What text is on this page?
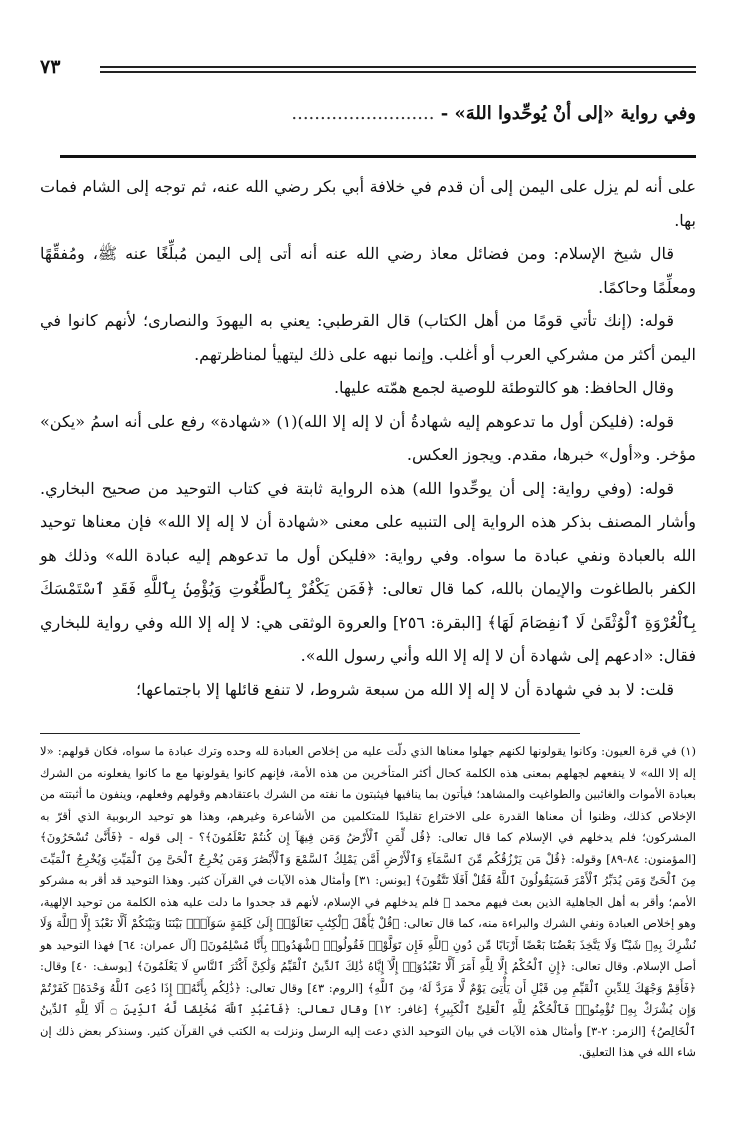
٧٣
وفي رواية «إلى أنْ يُوحِّدوا اللهَ» - .........................

على أنه لم يزل على اليمن إلى أن قدم في خلافة أبي بكر رضي الله عنه، ثم توجه إلى الشام فمات بها.

قال شيخ الإسلام: ومن فضائل معاذ رضي الله عنه أنه أتى إلى اليمن مُبلِّغًا عنه ﷺ، ومُفقِّهًا ومعلِّمًا وحاكمًا.

قوله: (إنك تأتي قومًا من أهل الكتاب) قال القرطبي: يعني به اليهودَ والنصارى؛ لأنهم كانوا في اليمن أكثر من مشركي العرب أو أغلب. وإنما نبهه على ذلك ليتهيأ لمناظرتهم.

وقال الحافظ: هو كالتوطئة للوصية لجمع همّته عليها.

قوله: (فليكن أول ما تدعوهم إليه شهادةُ أن لا إله إلا الله)(١) «شهادة» رفع على أنه اسمُ «يكن» مؤخر. و«أول» خبرها، مقدم. ويجوز العكس.

قوله: (وفي رواية: إلى أن يوحِّدوا الله) هذه الرواية ثابتة في كتاب التوحيد من صحيح البخاري. وأشار المصنف بذكر هذه الرواية إلى التنبيه على معنى «شهادة أن لا إله إلا الله» فإن معناها توحيد الله بالعبادة ونفي عبادة ما سواه. وفي رواية: «فليكن أول ما تدعوهم إليه عبادة الله» وذلك هو الكفر بالطاغوت والإيمان بالله، كما قال تعالى: ﴿فَمَن يَكْفُرْ بِٱلطَّٰغُوتِ وَيُؤْمِنۢ بِٱللَّهِ فَقَدِ ٱسْتَمْسَكَ بِٱلْعُرْوَةِ ٱلْوُثْقَىٰ لَا ٱنفِصَامَ لَهَا﴾ [البقرة: ٢٥٦] والعروة الوثقى هي: لا إله إلا الله وفي رواية للبخاري فقال: «ادعهم إلى شهادة أن لا إله إلا الله وأني رسول الله».

قلت: لا بد في شهادة أن لا إله إلا الله من سبعة شروط، لا تنفع قائلها إلا باجتماعها؛

(١) في قرة العيون: وكانوا يقولونها لكنهم جهلوا معناها الذي دلّت عليه من إخلاص العبادة لله وحده وترك عبادة ما سواه، فكان قولهم: «لا إله إلا الله» لا ينفعهم لجهلهم بمعنى هذه الكلمة كحال أكثر المتأخرين من هذه الأمة، فإنهم كانوا يقولونها مع ما كانوا يفعلونه من الشرك بعبادة الأموات والغائبين والطواغيت والمشاهد؛ فيأتون بما ينافيها فيثبتون ما نفته من الشرك باعتقادهم وقولهم وفعلهم، وينفون ما أثبتته من الإخلاص كذلك، وظنوا أن معناها القدرة على الاختراع تقليدًا للمتكلمين من الأشاعرة وغيرهم، وهذا هو توحيد الربوبية الذي أقرّ به المشركون؛ فلم يدخلهم في الإسلام كما قال تعالى: ﴿قُل لِّمَنِ ٱلْأَرْضُ وَمَن فِيهَآ إِن كُنتُمْ تَعْلَمُونَ﴾؟ - إلى قوله - ﴿فَأَنَّىٰ تُسْحَرُونَ﴾ [المؤمنون: ٨٤-٨٩] وقوله: ﴿قُلْ مَن يَرْزُقُكُم مِّنَ ٱلسَّمَآءِ وَٱلْأَرْضِ أَمَّن يَمْلِكُ ٱلسَّمْعَ وَٱلْأَبْصَٰرَ وَمَن يُخْرِجُ ٱلْحَىَّ مِنَ ٱلْمَيِّتِ وَيُخْرِجُ ٱلْمَيِّتَ مِنَ ٱلْحَىِّ وَمَن يُدَبِّرُ ٱلْأَمْرَ فَسَيَقُولُونَ ٱللَّهُ فَقُلْ أَفَلَا تَتَّقُونَ﴾ [يونس: ٣١] وأمثال هذه الآيات في القرآن كثير. وهذا التوحيد قد أقر به مشركو الأمم؛ وأقر به أهل الجاهلية الذين بعث فيهم محمد ﷺ فلم يدخلهم في الإسلام، لأنهم قد جحدوا ما دلت عليه هذه الكلمة من توحيد الإلهية، وهو إخلاص العبادة ونفي الشرك والبراءة منه، كما قال تعالى: ﴿قُلْ يَٰٓأَهْلَ ٱلْكِتَٰبِ تَعَالَوْا۟ إِلَىٰ كَلِمَةٍ سَوَآءٍۭ بَيْنَنَا وَبَيْنَكُمْ أَلَّا نَعْبُدَ إِلَّا ٱللَّهَ وَلَا نُشْرِكَ بِهِۦ شَيْـًٔا وَلَا يَتَّخِذَ بَعْضُنَا بَعْضًا أَرْبَابًا مِّن دُونِ ٱللَّهِ فَإِن تَوَلَّوْا۟ فَقُولُوا۟ ٱشْهَدُوا۟ بِأَنَّا مُسْلِمُونَ﴾ [آل عمران: ٦٤] فهذا التوحيد هو أصل الإسلام. وقال تعالى: ﴿إِنِ ٱلْحُكْمُ إِلَّا لِلَّهِ أَمَرَ أَلَّا تَعْبُدُوٓا۟ إِلَّآ إِيَّاهُ ذَٰلِكَ ٱلدِّينُ ٱلْقَيِّمُ وَلَٰكِنَّ أَكْثَرَ ٱلنَّاسِ لَا يَعْلَمُونَ﴾ [يوسف: ٤٠] وقال: ﴿فَأَقِمْ وَجْهَكَ لِلدِّينِ ٱلْقَيِّمِ مِن قَبْلِ أَن يَأْتِىَ يَوْمٌ لَّا مَرَدَّ لَهُۥ مِنَ ٱللَّهِ﴾ [الروم: ٤٣] وقال تعالى: ﴿ذَٰلِكُم بِأَنَّهُۥٓ إِذَا دُعِىَ ٱللَّهُ وَحْدَهُۥ كَفَرْتُمْ وَإِن يُشْرَكْ بِهِۦ تُؤْمِنُوا۟ فَٱلْحُكْمُ لِلَّهِ ٱلْعَلِىِّ ٱلْكَبِيرِ﴾ [غافر: ١٢] وقال تعالى: ﴿فَٱعْبُدِ ٱللَّهَ مُخْلِصًا لَّهُ ٱلدِّينَ ۝ أَلَا لِلَّهِ ٱلدِّينُ ٱلْخَالِصُ﴾ [الزمر: ٢-٣] وأمثال هذه الآيات في بيان التوحيد الذي دعت إليه الرسل ونزلت به الكتب في القرآن كثير. وسنذكر بعض ذلك إن شاء الله في هذا التعليق.
